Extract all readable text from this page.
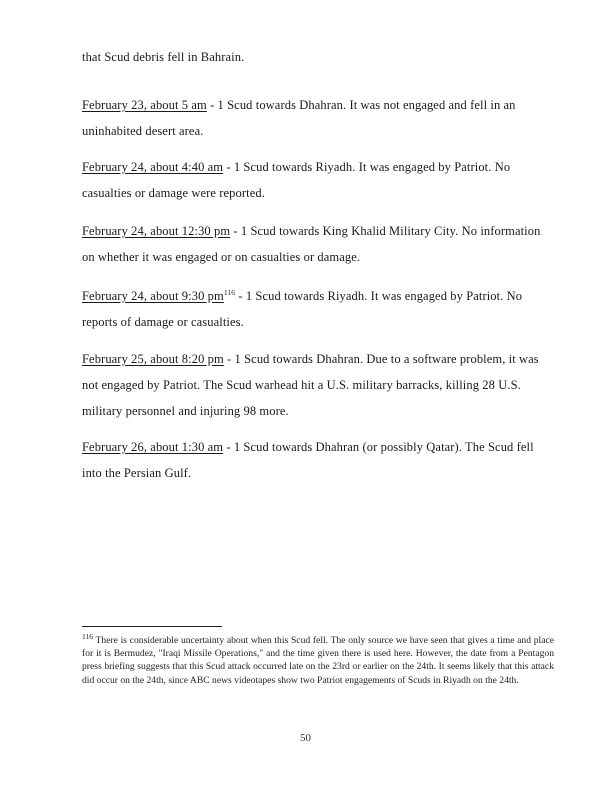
that Scud debris fell in Bahrain.

February 23, about 5 am - 1 Scud towards Dhahran. It was not engaged and fell in an uninhabited desert area.

February 24, about 4:40 am - 1 Scud towards Riyadh. It was engaged by Patriot. No casualties or damage were reported.

February 24, about 12:30 pm - 1 Scud towards King Khalid Military City. No information on whether it was engaged or on casualties or damage.

February 24, about 9:30 $pm^{116} - 1$ Scud towards Riyadh. It was engaged by Patriot. No reports of damage or casualties.

February 25, about 8:20 pm - 1 Scud towards Dhahran. Due to a software problem, it was not engaged by Patriot. The Scud warhead hit a U.S. military barracks, killing 28 U.S. military personnel and injuring 98 more.

February 26, about 1:30 am - 1 Scud towards Dhahran (or possibly Qatar). The Scud fell into the Persian Gulf.

$^{116}$ There is considerable uncertainty about when this Scud fell. The only source we have seen that gives a time and place for it is Bermudez, "Iraqi Missile Operations," and the time given there is used here. However, the date from a Pentagon press briefing suggests that this Scud attack occurred late on the 23rd or earlier on the 24th. It seems likely that this attack did occur on the 24th, since ABC news videotapes show two Patriot engagements of Scuds in Riyadh on the 24th.

50
